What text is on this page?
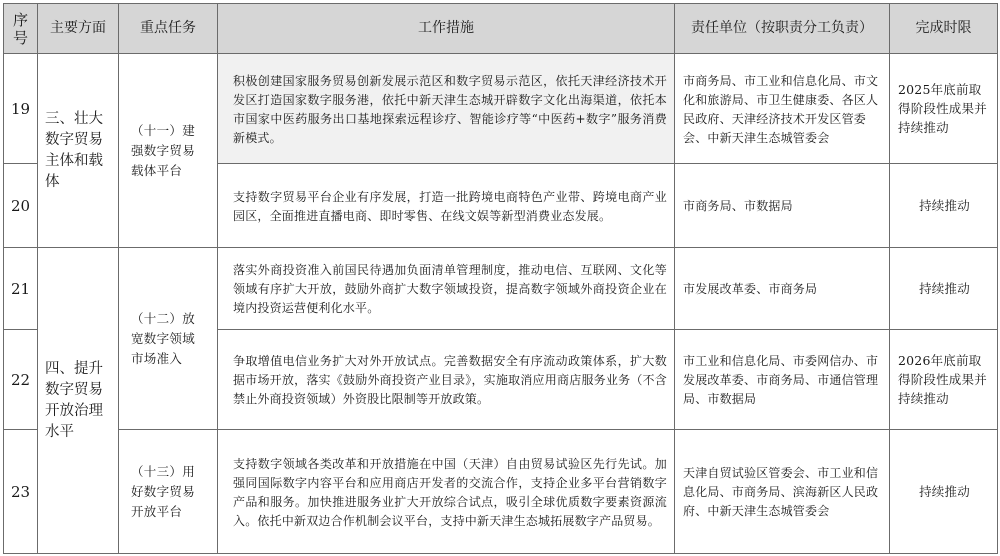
序号	主要方面	重点任务	工作措施	责任单位（按职责分工负责）	完成时限
19	三、壮大数字贸易主体和载体	（十一）建强数字贸易载体平台	积极创建国家服务贸易创新发展示范区和数字贸易示范区，依托天津经济技术开发区打造国家数字服务港，依托中新天津生态城开辟数字文化出海渠道，依托本市国家中医药服务出口基地探索远程诊疗、智能诊疗等“中医药+数字”服务消费新模式。	市商务局、市工业和信息化局、市文化和旅游局、市卫生健康委、各区人民政府、天津经济技术开发区管委会、中新天津生态城管委会	2025年底前取得阶段性成果并持续推动
20			支持数字贸易平台企业有序发展，打造一批跨境电商特色产业带、跨境电商产业园区，全面推进直播电商、即时零售、在线文娱等新型消费业态发展。	市商务局、市数据局	持续推动
21	四、提升数字贸易开放治理水平	（十二）放宽数字领域市场准入	落实外商投资准入前国民待遇加负面清单管理制度，推动电信、互联网、文化等领域有序扩大开放，鼓励外商扩大数字领域投资，提高数字领域外商投资企业在境内投资运营便利化水平。	市发展改革委、市商务局	持续推动
22			争取增值电信业务扩大对外开放试点。完善数据安全有序流动政策体系，扩大数据市场开放，落实《鼓励外商投资产业目录》，实施取消应用商店服务业务（不含禁止外商投资领域）外资股比限制等开放政策。	市工业和信息化局、市委网信办、市发展改革委、市商务局、市通信管理局、市数据局	2026年底前取得阶段性成果并持续推动
23		（十三）用好数字贸易开放平台	支持数字领域各类改革和开放措施在中国（天津）自由贸易试验区先行先试。加强同国际数字内容平台和应用商店开发者的交流合作，支持企业多平台营销数字产品和服务。加快推进服务业扩大开放综合试点，吸引全球优质数字要素资源流入。依托中新双边合作机制会议平台，支持中新天津生态城拓展数字产品贸易。	天津自贸试验区管委会、市工业和信息化局、市商务局、滨海新区人民政府、中新天津生态城管委会	持续推动
